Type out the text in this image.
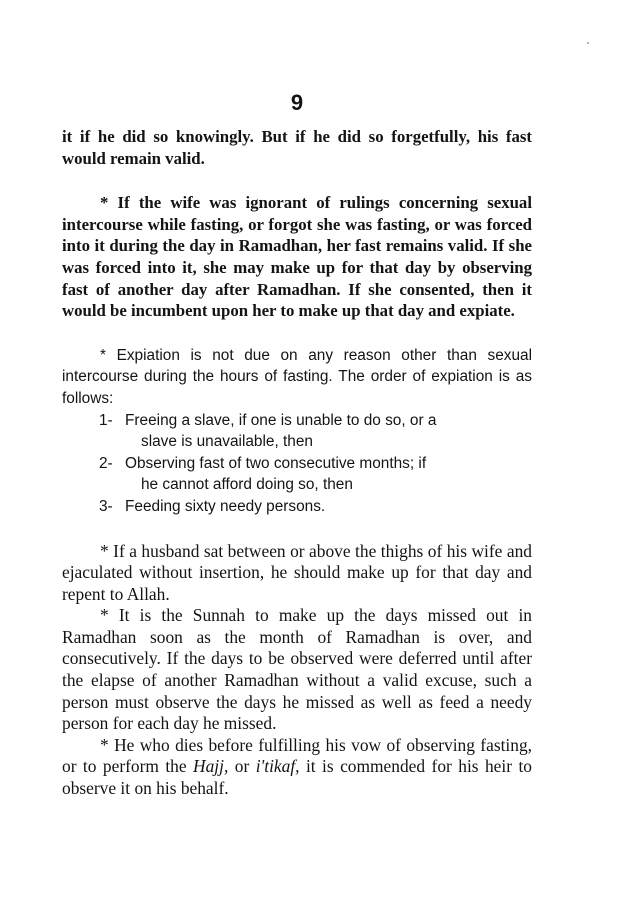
9

it if he did so knowingly. But if he did so forgetfully, his fast would remain valid.

* If the wife was ignorant of rulings concerning sexual intercourse while fasting, or forgot she was fasting, or was forced into it during the day in Ramadhan, her fast remains valid. If she was forced into it, she may make up for that day by observing fast of another day after Ramadhan. If she consented, then it would be incumbent upon her to make up that day and expiate.

* Expiation is not due on any reason other than sexual intercourse during the hours of fasting. The order of expiation is as follows:

1- Freeing a slave, if one is unable to do so, or a
slave is unavailable, then
2- Observing fast of two consecutive months; if
he cannot afford doing so, then
3- Feeding sixty needy persons.

* If a husband sat between or above the thighs of his wife and ejaculated without insertion, he should make up for that day and repent to Allah.

* It is the Sunnah to make up the days missed out in Ramadhan soon as the month of Ramadhan is over, and consecutively. If the days to be observed were deferred until after the elapse of another Ramadhan without a valid excuse, such a person must observe the days he missed as well as feed a needy person for each day he missed.

* He who dies before fulfilling his vow of observing fasting, or to perform the Hajj, or i'tikaf, it is commended for his heir to observe it on his behalf.
